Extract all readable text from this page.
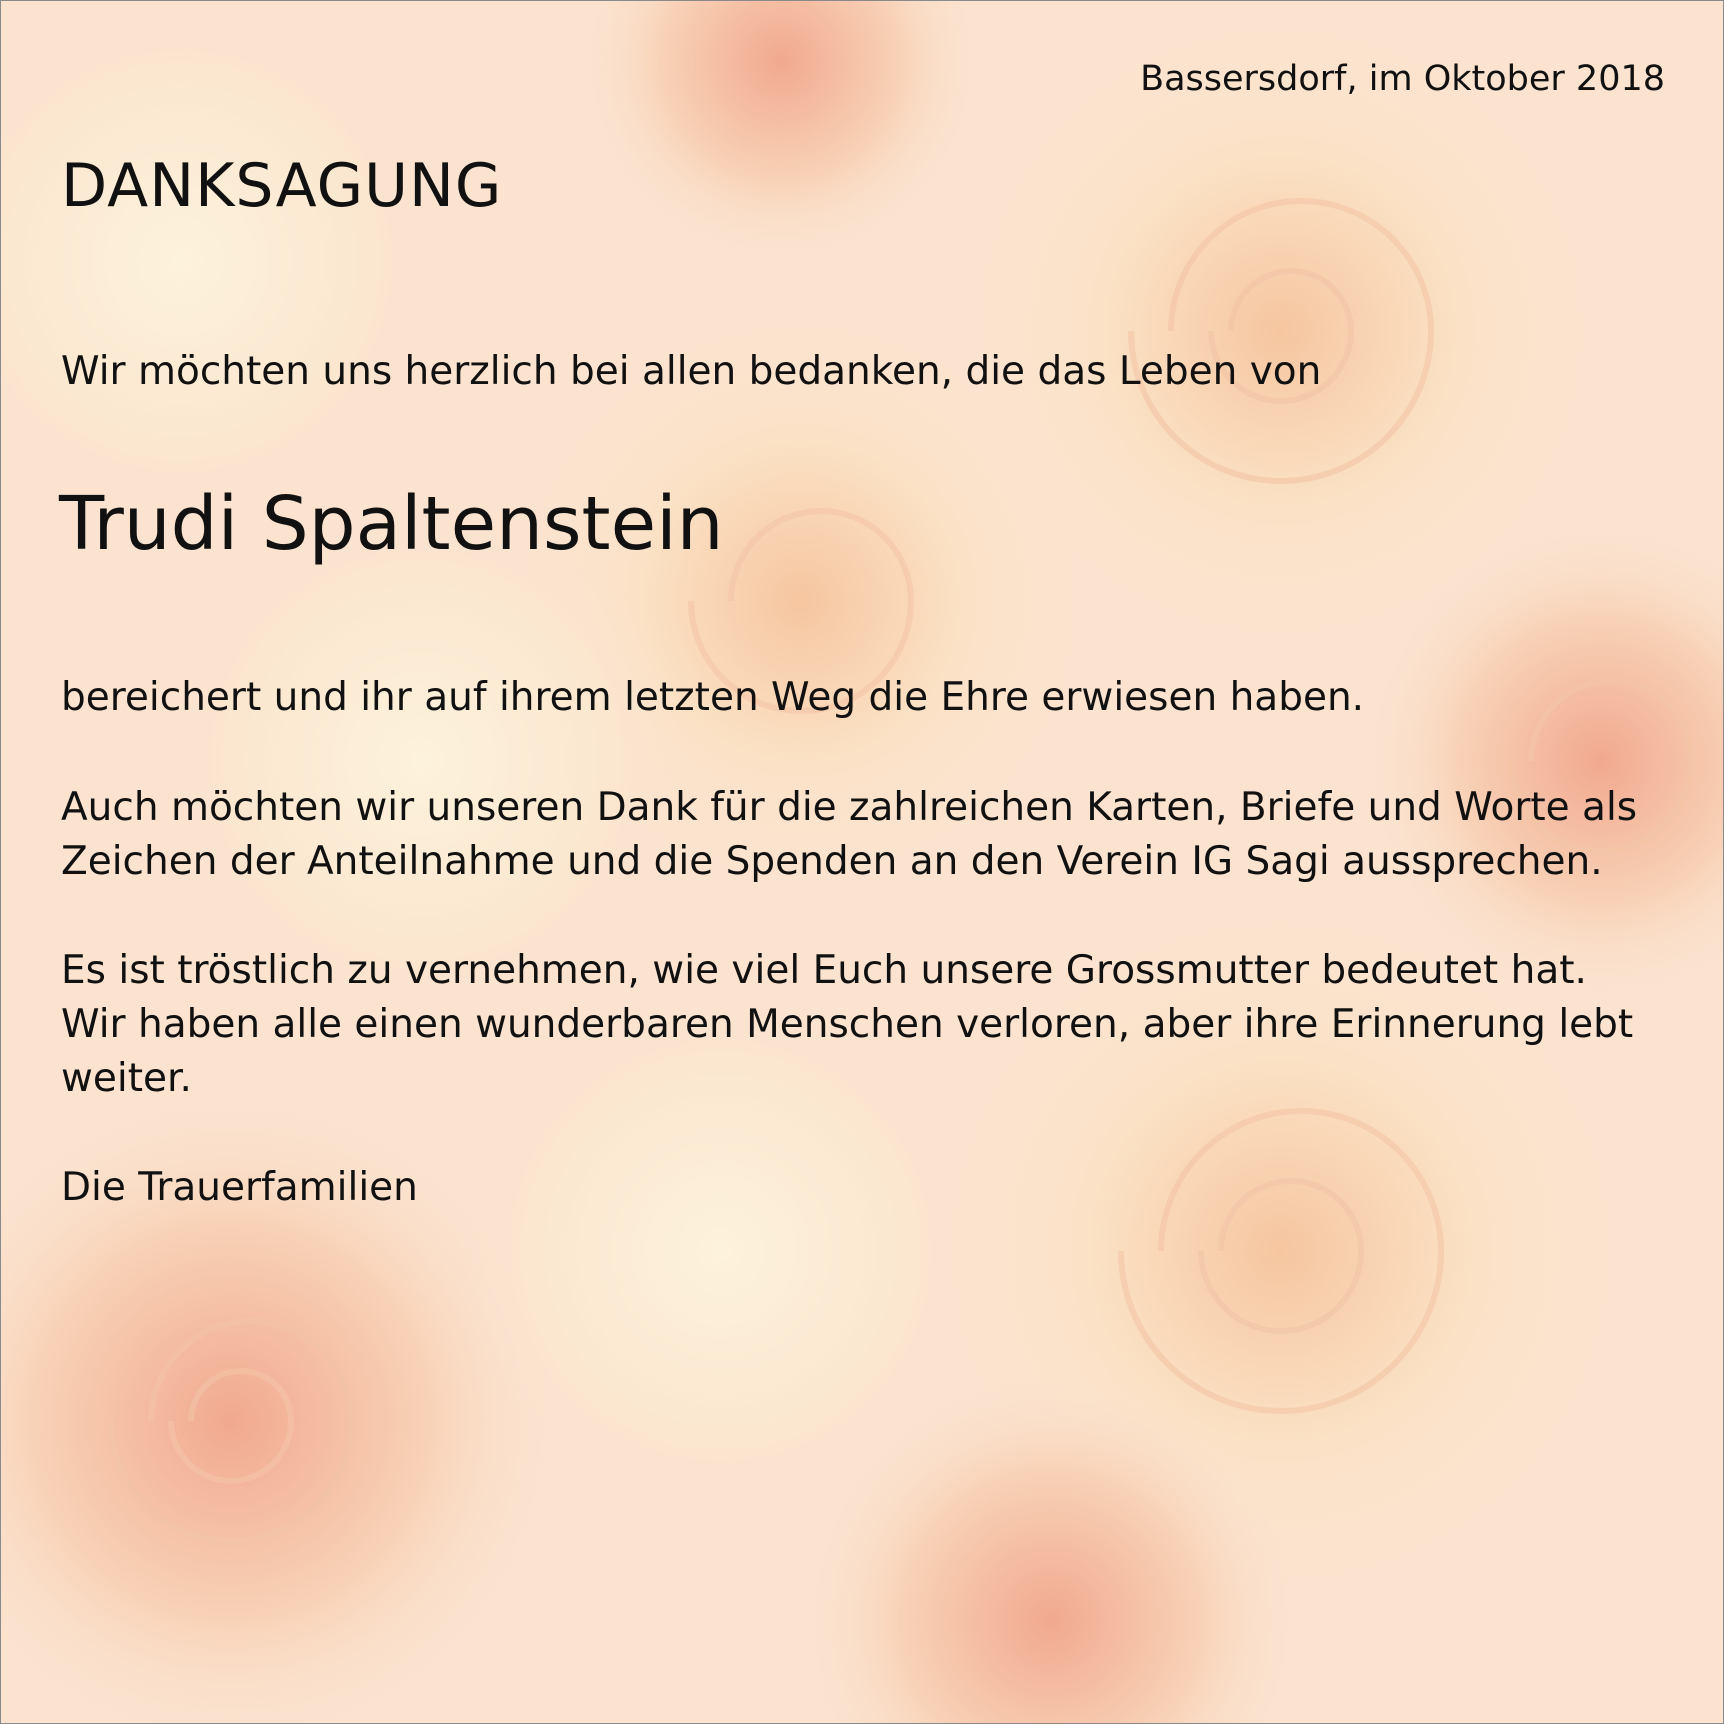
Bassersdorf, im Oktober 2018
DANKSAGUNG
Wir möchten uns herzlich bei allen bedanken, die das Leben von
Trudi Spaltenstein
bereichert und ihr auf ihrem letzten Weg die Ehre erwiesen haben.
Auch möchten wir unseren Dank für die zahlreichen Karten, Briefe und Worte als
Zeichen der Anteilnahme und die Spenden an den Verein IG Sagi aussprechen.
Es ist tröstlich zu vernehmen, wie viel Euch unsere Grossmutter bedeutet hat.
Wir haben alle einen wunderbaren Menschen verloren, aber ihre Erinnerung lebt
weiter.
Die Trauerfamilien
